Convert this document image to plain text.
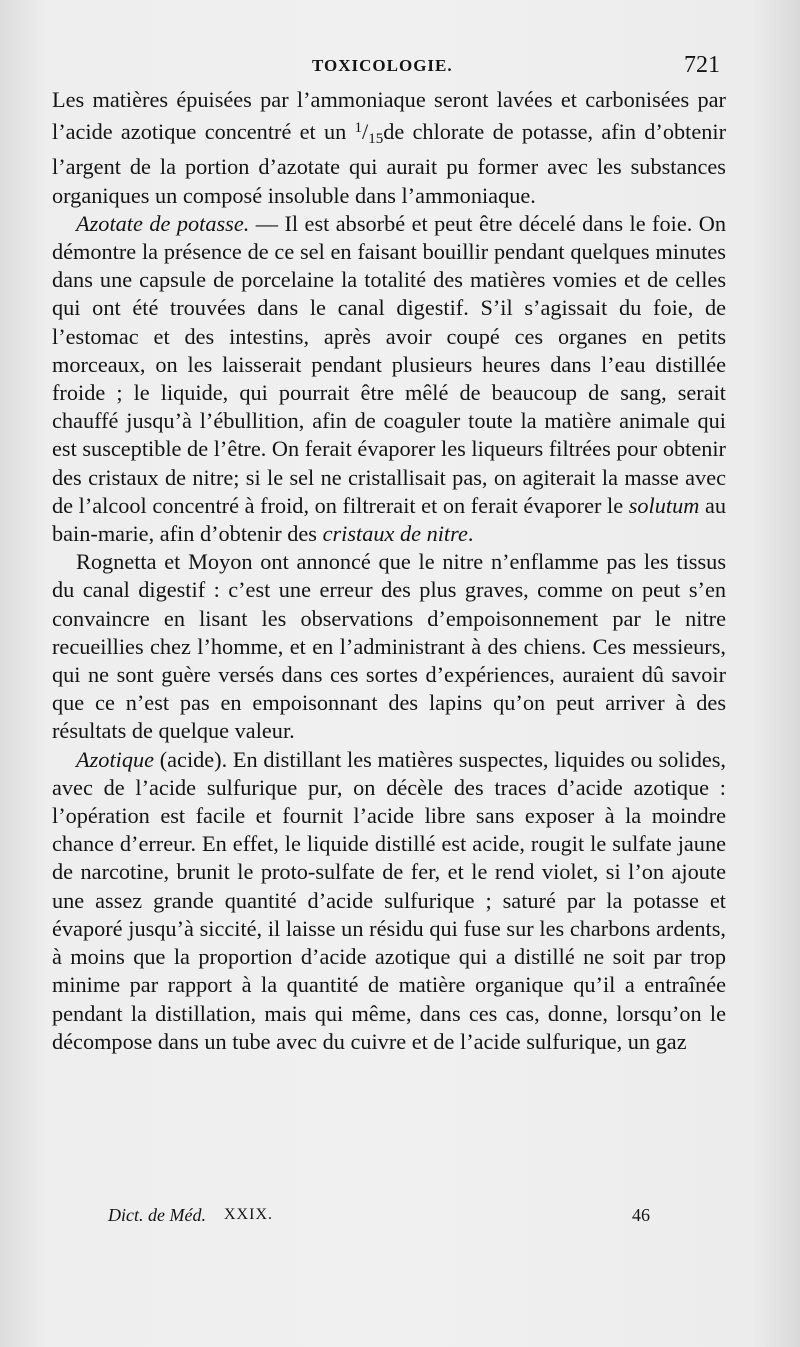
TOXICOLOGIE.	721

Les matières épuisées par l’ammoniaque seront lavées et carbonisées par l’acide azotique concentré et un $^1$/15de chlorate de potasse, afin d’obtenir l’argent de la portion d’azotate qui aurait pu former avec les substances organiques un composé insoluble dans l’ammoniaque.

Azotate de potasse. — Il est absorbé et peut être décelé dans le foie. On démontre la présence de ce sel en faisant bouillir pendant quelques minutes dans une capsule de porcelaine la totalité des matières vomies et de celles qui ont été trouvées dans le canal digestif. S’il s’agissait du foie, de l’estomac et des intestins, après avoir coupé ces organes en petits morceaux, on les laisserait pendant plusieurs heures dans l’eau distillée froide ; le liquide, qui pourrait être mêlé de beaucoup de sang, serait chauffé jusqu’à l’ébullition, afin de coaguler toute la matière animale qui est susceptible de l’être. On ferait évaporer les liqueurs filtrées pour obtenir des cristaux de nitre; si le sel ne cristallisait pas, on agiterait la masse avec de l’alcool concentré à froid, on filtrerait et on ferait évaporer le solutum au bain-marie, afin d’obtenir des cristaux de nitre.

Rognetta et Moyon ont annoncé que le nitre n’enflamme pas les tissus du canal digestif : c’est une erreur des plus graves, comme on peut s’en convaincre en lisant les observations d’empoisonnement par le nitre recueillies chez l’homme, et en l’administrant à des chiens. Ces messieurs, qui ne sont guère versés dans ces sortes d’expériences, auraient dû savoir que ce n’est pas en empoisonnant des lapins qu’on peut arriver à des résultats de quelque valeur.

Azotique (acide). En distillant les matières suspectes, liquides ou solides, avec de l’acide sulfurique pur, on décèle des traces d’acide azotique : l’opération est facile et fournit l’acide libre sans exposer à la moindre chance d’erreur. En effet, le liquide distillé est acide, rougit le sulfate jaune de narcotine, brunit le proto-sulfate de fer, et le rend violet, si l’on ajoute une assez grande quantité d’acide sulfurique ; saturé par la potasse et évaporé jusqu’à siccité, il laisse un résidu qui fuse sur les charbons ardents, à moins que la proportion d’acide azotique qui a distillé ne soit par trop minime par rapport à la quantité de matière organique qu’il a entraînée pendant la distillation, mais qui même, dans ces cas, donne, lorsqu’on le décompose dans un tube avec du cuivre et de l’acide sulfurique, un gaz

Dict. de Méd. XXIX.	46
